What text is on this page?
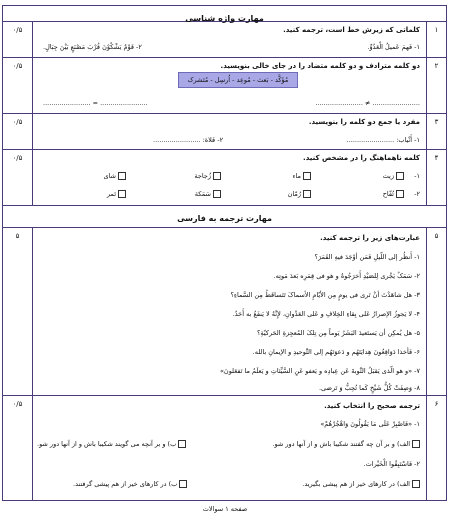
مهارت واژه شناسی
۱
۰/۵	کلماتی که زیرش خط است، ترجمه کنید.
۱- فَهمَ عَمیلُ الْعَدُوِّ.
۲- قَوْمٌ یَشْکُوْنَ قُرْبَ مَصْنَعٍ بَیْنَ جِبَالٍ.
۲
۰/۵	دو کلمه مترادف و دو کلمه متضاد را در جای خالی بنویسید.
مُؤَکَّد - بَعث - مُوعِد - اُرسِل - مُتَشرک
....................... ≠ .......................
....................... = .......................
۳
۰/۵	مفرد یا جمع دو کلمه را بنویسید.
۱- أَنْیاب: .......................
۲- فَلاة: .......................
۴
۰/۵	کلمه ناهماهنگ را در مشخص کنید.
۱-
زیت
ماء
زُجاجة
شای
۲-
تُفّاح
رُمّان
سَمَکة
تَمر
مهارت ترجمه به فارسی
۵
۵	عبارت‌های زیر را ترجمه کنید.
۱- أَنظُر إلی اللّیلِ فَمَن أوْجَدَ فیهِ القَمَرَ؟
۲- سَمَکٌ یَجْری لِلصَیْدِ أَخرَجُوهُ و هو فی قِمَرِه بَعدَ مَوتِه.
۳- هل شاهَدْتَ أنْ تَری فی یومٍ مِن الأیّامِ الأسماکَ تَتَساقَطُ مِن السَّماءِ؟
۴- لا یَجوزُ الإصرارُ عَلی بِقاءِ الخِلافِ و عَلی العَدْوانِ، لإِنَّهُ لا یَنفَعُ به أَحَدٌ.
۵- هل یُمکِن أن یَستَعیدَ البَشَرُ یَوماً مِن تِلکَ المُعجِزةِ الحَرکیّةِ؟
۶- فَأخذا دَوَاقِعُونَ هِدایَتَهُم و دَعوَتَهُم إلی التَّوحیدِ و الإیمانِ بالله.
۷- «و هو الّذی یَقبَلُ التَّوبةَ عَن عِبادِه و یَعفو عَنِ السَّیِّئاتِ و یَعلَمُ ما تَفعَلونَ»
۸- وَصِفَتْ کُلُّ شَیْخٍ کَما تُحِبُّ وَ تَرضی.
۶
۰/۵	ترجمه صحیح را انتخاب کنید.
۱- «فَاصْبِرْ عَلَی مَا یَقُولُونَ وَاهْجُرْهُمْ»
الف) و بر آن چه گفتند شکیبا باش و از آنها دور شو.
ب) و بر آنچه می گویند شکیبا باش و از آنها دور شو.
۲- فَاسْتَبِقُوا الْخَیْرات.
الف) در کارهای خیر از هم پیشی بگیرید.
ب) در کارهای خیر از هم پیشی گرفتند.
صفحه ۱ سوالات
